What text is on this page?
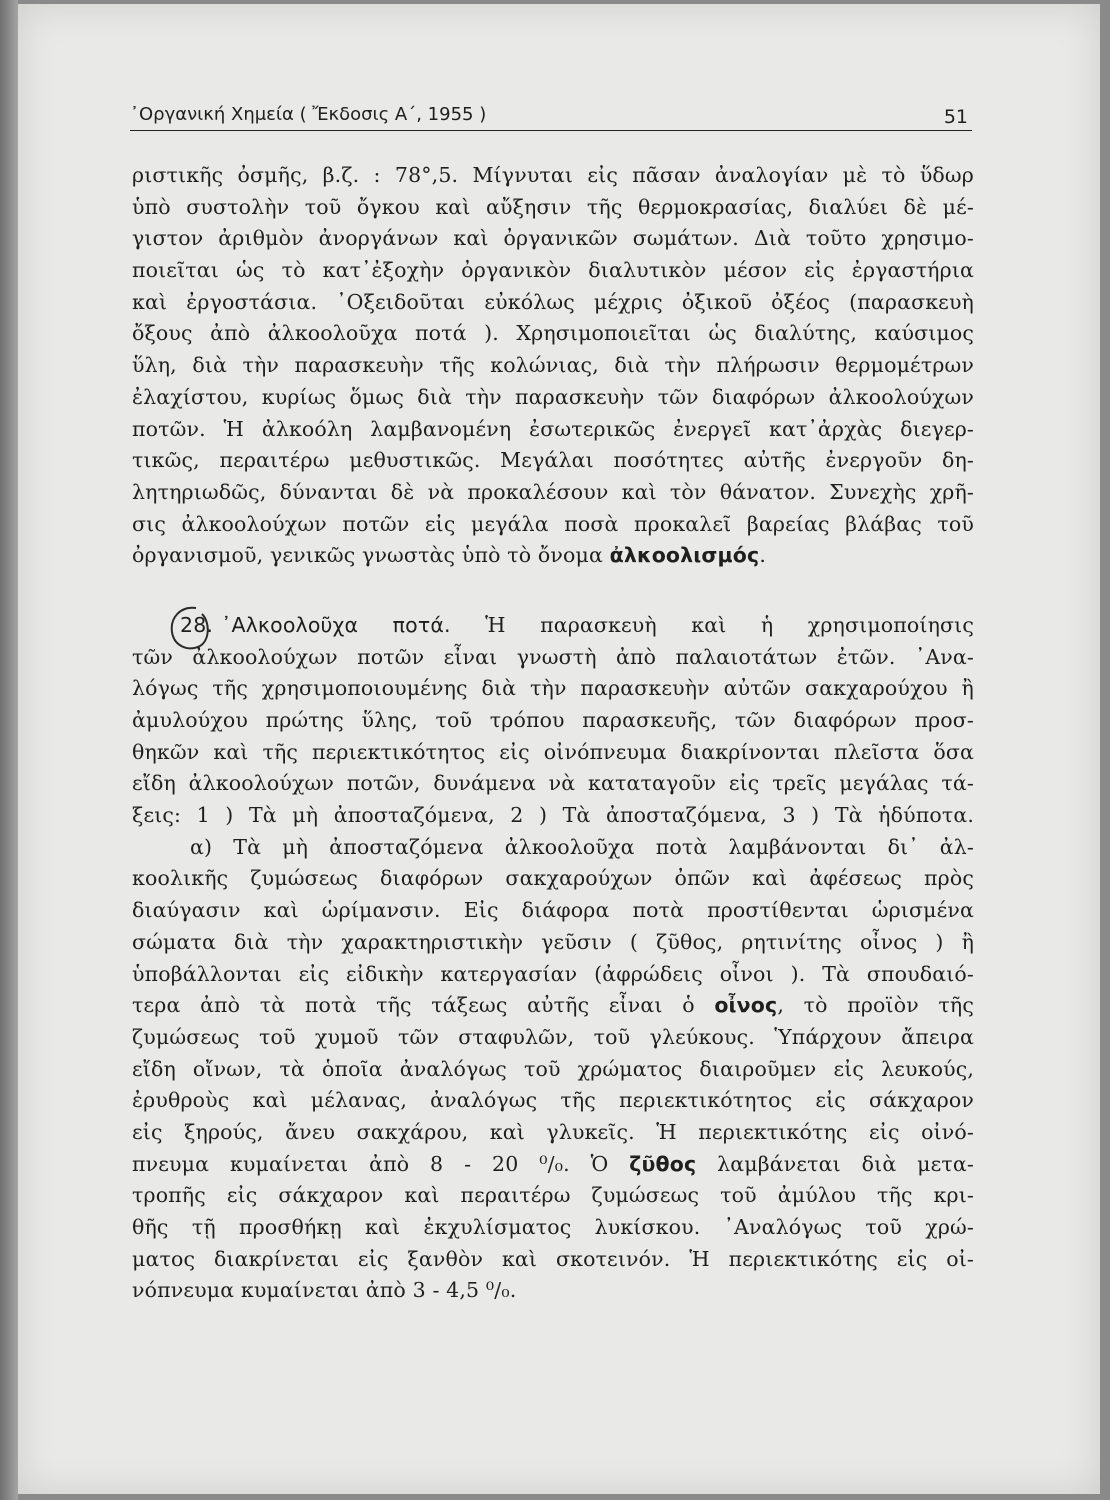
᾿Οργανική Χημεία ( Ἔκδοσις Α΄, 1955 )	51
ριστικῆς ὀσμῆς, β.ζ. : 78°,5. Μίγνυται εἰς πᾶσαν ἀναλογίαν μὲ τὸ ὕδωρ
ὑπὸ συστολὴν τοῦ ὄγκου καὶ αὔξησιν τῆς θερμοκρασίας, διαλύει δὲ μέ-
γιστον ἀριθμὸν ἀνοργάνων καὶ ὀργανικῶν σωμάτων. Διὰ τοῦτο χρησιμο-
ποιεῖται ὡς τὸ κατ᾿ἐξοχὴν ὀργανικὸν διαλυτικὸν μέσον εἰς ἐργαστήρια
καὶ ἐργοστάσια. ᾿Οξειδοῦται εὐκόλως μέχρις ὀξικοῦ ὀξέος (παρασκευὴ
ὄξους ἀπὸ ἀλκοολοῦχα ποτά ). Χρησιμοποιεῖται ὡς διαλύτης, καύσιμος
ὕλη, διὰ τὴν παρασκευὴν τῆς κολώνιας, διὰ τὴν πλήρωσιν θερμομέτρων
ἐλαχίστου, κυρίως ὅμως διὰ τὴν παρασκευὴν τῶν διαφόρων ἀλκοολούχων
ποτῶν. Ἡ ἀλκοόλη λαμβανομένη ἐσωτερικῶς ἐνεργεῖ κατ᾿ἀρχὰς διεγερ-
τικῶς, περαιτέρω μεθυστικῶς. Μεγάλαι ποσότητες αὐτῆς ἐνεργοῦν δη-
λητηριωδῶς, δύνανται δὲ νὰ προκαλέσουν καὶ τὸν θάνατον. Συνεχὴς χρῆ-
σις ἀλκοολούχων ποτῶν εἰς μεγάλα ποσὰ προκαλεῖ βαρείας βλάβας τοῦ
ὀργανισμοῦ, γενικῶς γνωστὰς ὑπὸ τὸ ὄνομα ἀλκοολισμός.
28. ᾿Αλκοολοῦχα ποτά. Ἡ παρασκευὴ καὶ ἡ χρησιμοποίησις
τῶν ἀλκοολούχων ποτῶν εἶναι γνωστὴ ἀπὸ παλαιοτάτων ἐτῶν. ᾿Ανα-
λόγως τῆς χρησιμοποιουμένης διὰ τὴν παρασκευὴν αὐτῶν σακχαρούχου ἢ
ἀμυλούχου πρώτης ὕλης, τοῦ τρόπου παρασκευῆς, τῶν διαφόρων προσ-
θηκῶν καὶ τῆς περιεκτικότητος εἰς οἰνόπνευμα διακρίνονται πλεῖστα ὅσα
εἴδη ἀλκοολούχων ποτῶν, δυνάμενα νὰ καταταγοῦν εἰς τρεῖς μεγάλας τά-
ξεις: 1 ) Τὰ μὴ ἀποσταζόμενα, 2 ) Τὰ ἀποσταζόμενα, 3 ) Τὰ ἡδύποτα.
α) Τὰ μὴ ἀποσταζόμενα ἀλκοολοῦχα ποτὰ λαμβάνονται δι᾿ ἀλ-
κοολικῆς ζυμώσεως διαφόρων σακχαρούχων ὀπῶν καὶ ἀφέσεως πρὸς
διαύγασιν καὶ ὡρίμανσιν. Εἰς διάφορα ποτὰ προστίθενται ὡρισμένα
σώματα διὰ τὴν χαρακτηριστικὴν γεῦσιν ( ζῦθος, ρητινίτης οἶνος ) ἢ
ὑποβάλλονται εἰς εἰδικὴν κατεργασίαν (ἀφρώδεις οἶνοι ). Τὰ σπουδαιό-
τερα ἀπὸ τὰ ποτὰ τῆς τάξεως αὐτῆς εἶναι ὁ οἶνος, τὸ προϊὸν τῆς
ζυμώσεως τοῦ χυμοῦ τῶν σταφυλῶν, τοῦ γλεύκους. Ὑπάρχουν ἄπειρα
εἴδη οἴνων, τὰ ὁποῖα ἀναλόγως τοῦ χρώματος διαιροῦμεν εἰς λευκούς,
ἐρυθροὺς καὶ μέλανας, ἀναλόγως τῆς περιεκτικότητος εἰς σάκχαρον
εἰς ξηρούς, ἄνευ σακχάρου, καὶ γλυκεῖς. Ἡ περιεκτικότης εἰς οἰνό-
πνευμα κυμαίνεται ἀπὸ 8 - 20 ⁰/₀. Ὁ ζῦθος λαμβάνεται διὰ μετα-
τροπῆς εἰς σάκχαρον καὶ περαιτέρω ζυμώσεως τοῦ ἀμύλου τῆς κρι-
θῆς τῇ προσθήκῃ καὶ ἐκχυλίσματος λυκίσκου. ᾿Αναλόγως τοῦ χρώ-
ματος διακρίνεται εἰς ξανθὸν καὶ σκοτεινόν. Ἡ περιεκτικότης εἰς οἰ-
νόπνευμα κυμαίνεται ἀπὸ 3 - 4,5 ⁰/₀.
